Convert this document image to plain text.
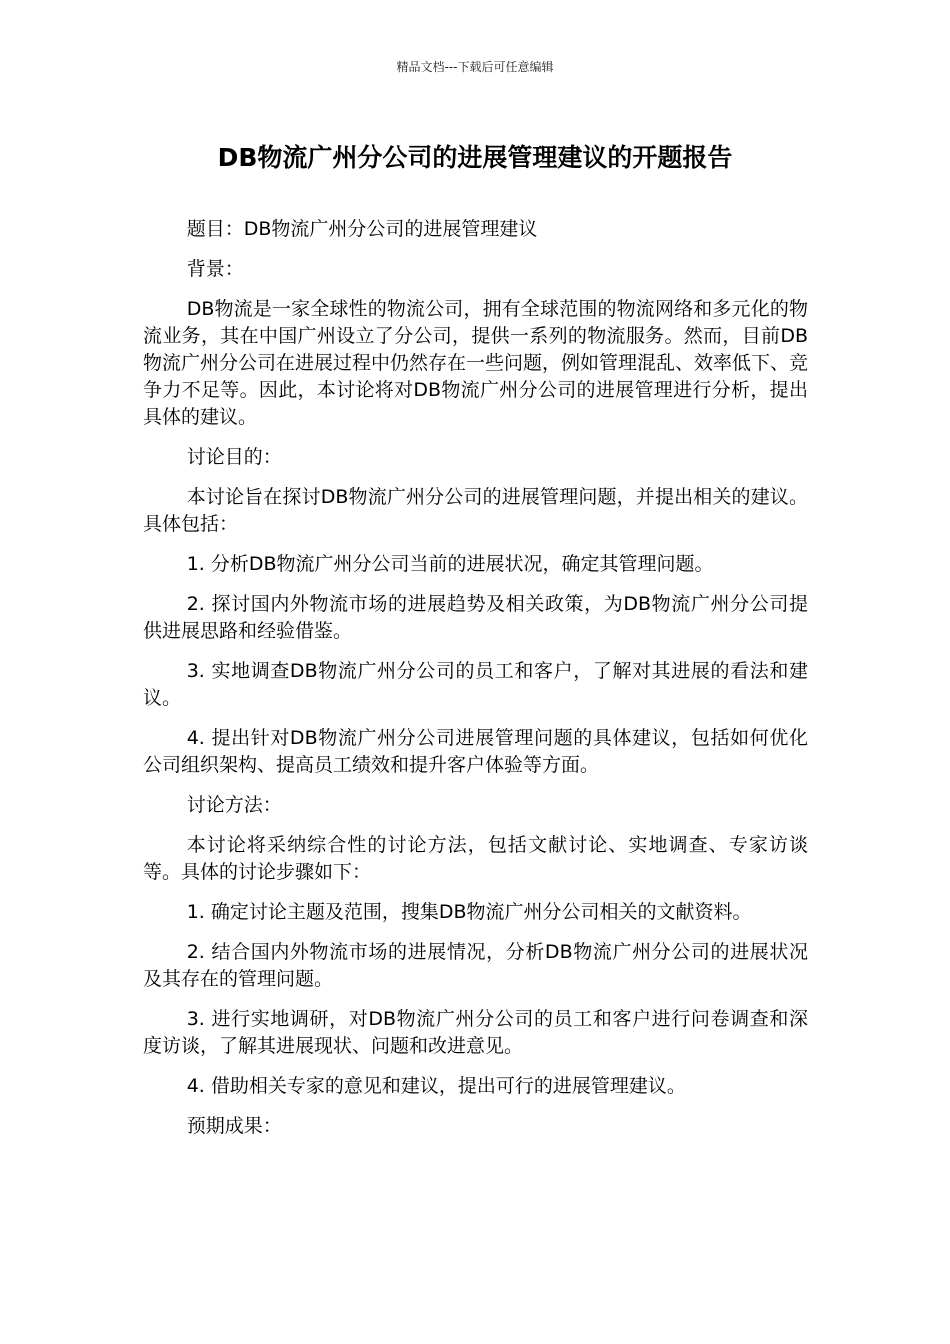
精品文档---下载后可任意编辑
DB物流广州分公司的进展管理建议的开题报告

题目：DB物流广州分公司的进展管理建议

背景：

DB物流是一家全球性的物流公司，拥有全球范围的物流网络和多元化的物流业务，其在中国广州设立了分公司，提供一系列的物流服务。然而，目前DB物流广州分公司在进展过程中仍然存在一些问题，例如管理混乱、效率低下、竞争力不足等。因此，本讨论将对DB物流广州分公司的进展管理进行分析，提出具体的建议。

讨论目的：

本讨论旨在探讨DB物流广州分公司的进展管理问题，并提出相关的建议。具体包括：

1. 分析DB物流广州分公司当前的进展状况，确定其管理问题。

2. 探讨国内外物流市场的进展趋势及相关政策，为DB物流广州分公司提供进展思路和经验借鉴。

3. 实地调查DB物流广州分公司的员工和客户，了解对其进展的看法和建议。

4. 提出针对DB物流广州分公司进展管理问题的具体建议，包括如何优化公司组织架构、提高员工绩效和提升客户体验等方面。

讨论方法：

本讨论将采纳综合性的讨论方法，包括文献讨论、实地调查、专家访谈等。具体的讨论步骤如下：

1. 确定讨论主题及范围，搜集DB物流广州分公司相关的文献资料。

2. 结合国内外物流市场的进展情况，分析DB物流广州分公司的进展状况及其存在的管理问题。

3. 进行实地调研，对DB物流广州分公司的员工和客户进行问卷调查和深度访谈，了解其进展现状、问题和改进意见。

4. 借助相关专家的意见和建议，提出可行的进展管理建议。

预期成果：
